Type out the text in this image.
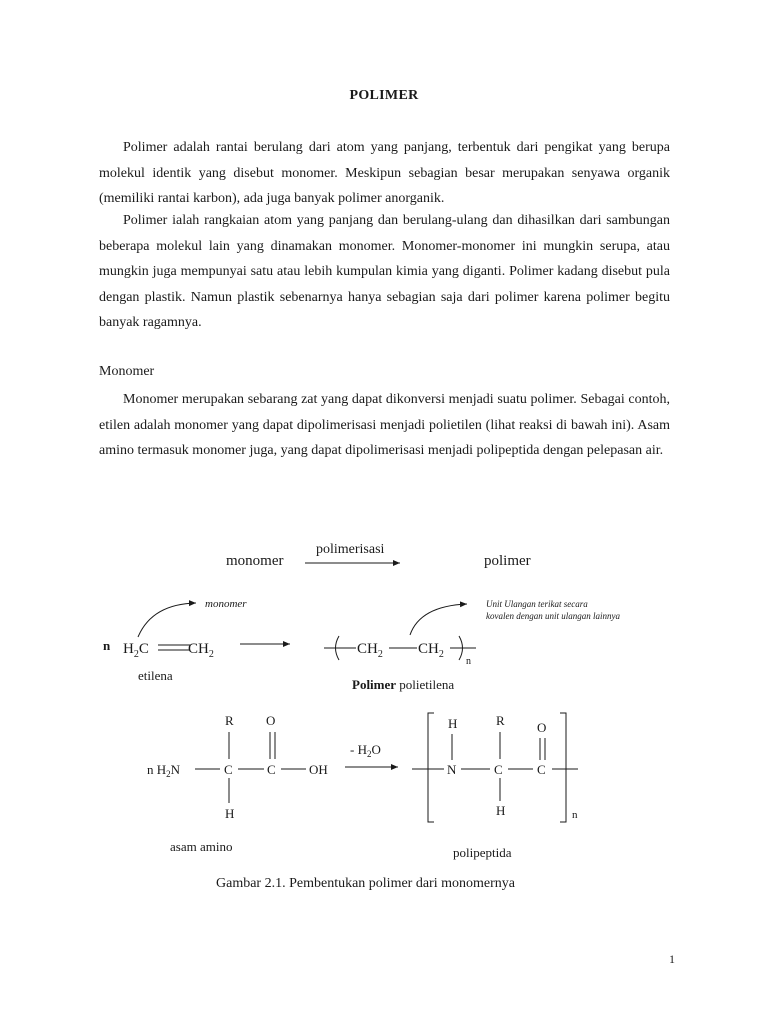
POLIMER

Polimer adalah rantai berulang dari atom yang panjang, terbentuk dari pengikat yang berupa molekul identik yang disebut monomer. Meskipun sebagian besar merupakan senyawa organik (memiliki rantai karbon), ada juga banyak polimer anorganik.

Polimer ialah rangkaian atom yang panjang dan berulang-ulang dan dihasilkan dari sambungan beberapa molekul lain yang dinamakan monomer. Monomer-monomer ini mungkin serupa, atau mungkin juga mempunyai satu atau lebih kumpulan kimia yang diganti. Polimer kadang disebut pula dengan plastik. Namun plastik sebenarnya hanya sebagian saja dari polimer karena polimer begitu banyak ragamnya.

Monomer

Monomer merupakan sebarang zat yang dapat dikonversi menjadi suatu polimer. Sebagai contoh, etilen adalah monomer yang dapat dipolimerisasi menjadi polietilen (lihat reaksi di bawah ini). Asam amino termasuk monomer juga, yang dapat dipolimerisasi menjadi polipeptida dengan pelepasan air.

monomer
polimerisasi
polimer
monomer
n $H_2C$	$CH_2$	$CH_2$ $CH_2$
n
Unit Ulangan terikat secara
kovalen dengan unit ulangan lainnya
etilena
Polimer polietilena
n $H_2N$	C
R
H
C
O
OH
- $H_2O$
N
H
C
R
H
C
O
n
asam amino	polipeptida
Gambar 2.1. Pembentukan polimer dari monomernya
1
